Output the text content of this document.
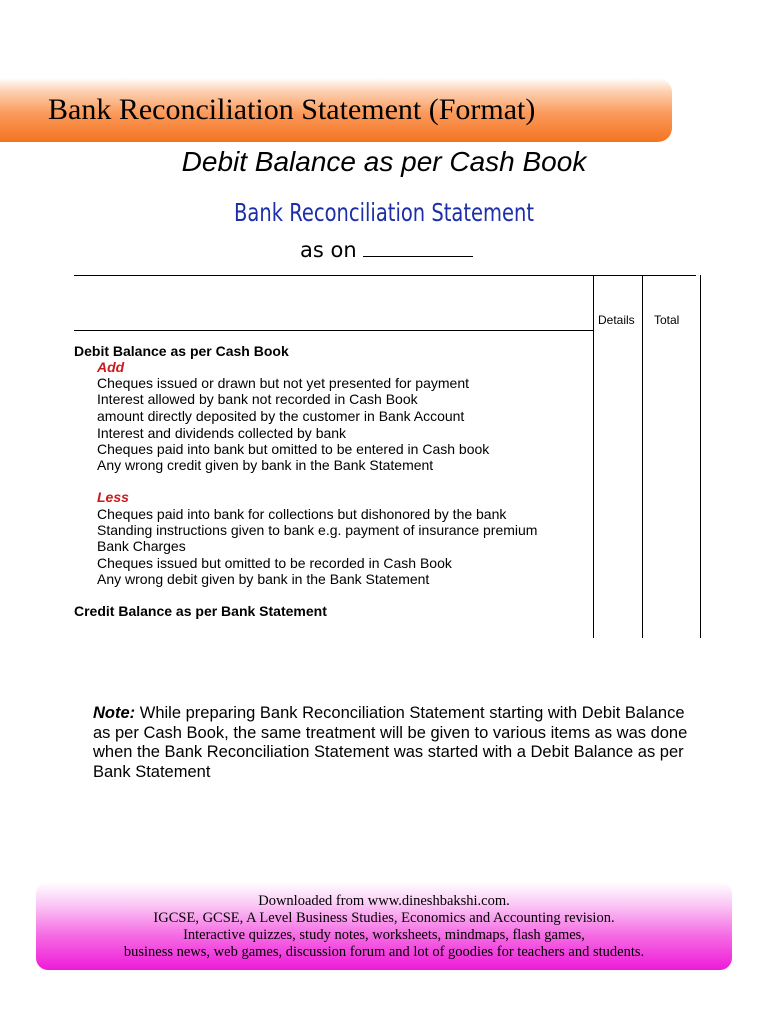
Bank Reconciliation Statement (Format)
Debit Balance as per Cash Book
Bank Reconciliation Statement
as on
Details Total
Debit Balance as per Cash Book
Add
Cheques issued or drawn but not yet presented for payment
Interest allowed by bank not recorded in Cash Book
amount directly deposited by the customer in Bank Account
Interest and dividends collected by bank
Cheques paid into bank but omitted to be entered in Cash book
Any wrong credit given by bank in the Bank Statement
Less
Cheques paid into bank for collections but dishonored by the bank
Standing instructions given to bank e.g. payment of insurance premium
Bank Charges
Cheques issued but omitted to be recorded in Cash Book
Any wrong debit given by bank in the Bank Statement
Credit Balance as per Bank Statement
Note: While preparing Bank Reconciliation Statement starting with Debit Balance as per Cash Book, the same treatment will be given to various items as was done when the Bank Reconciliation Statement was started with a Debit Balance as per Bank Statement
Downloaded from www.dineshbakshi.com.
IGCSE, GCSE, A Level Business Studies, Economics and Accounting revision.
Interactive quizzes, study notes, worksheets, mindmaps, flash games,
business news, web games, discussion forum and lot of goodies for teachers and students.
